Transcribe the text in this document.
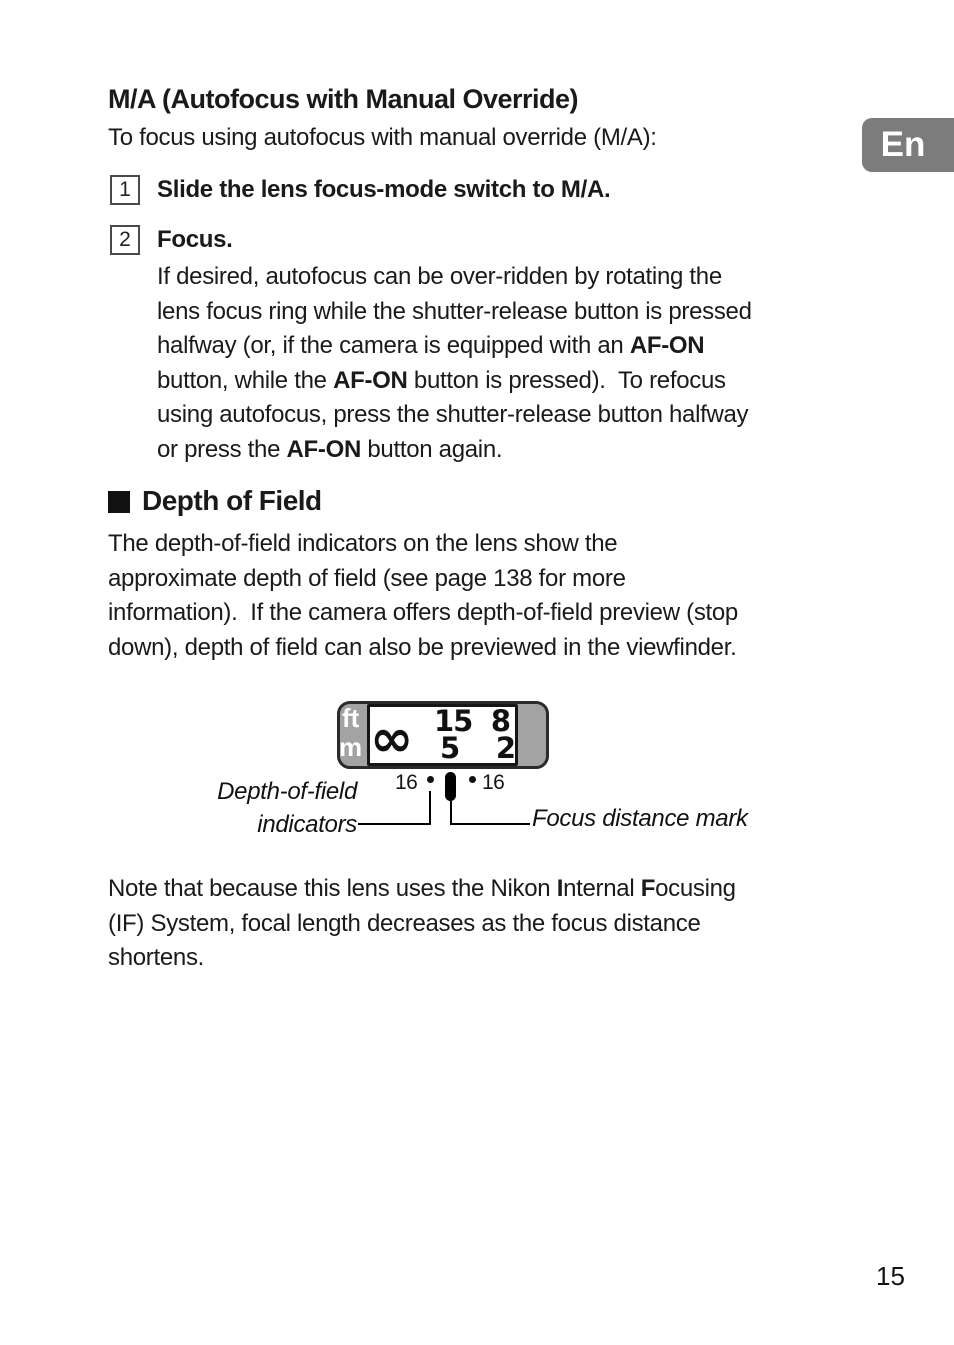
M/A (Autofocus with Manual Override)
To focus using autofocus with manual override (M/A):
1	Slide the lens focus-mode switch to M/A.
2	Focus.
If desired, autofocus can be over-ridden by rotating the
lens focus ring while the shutter-release button is pressed
halfway (or, if the camera is equipped with an AF-ON
button, while the AF-ON button is pressed).  To refocus
using autofocus, press the shutter-release button halfway
or press the AF-ON button again.
Depth of Field
The depth-of-field indicators on the lens show the
approximate depth of field (see page 138 for more
information).  If the camera offers depth-of-field preview (stop
down), depth of field can also be previewed in the viewfinder.
ft
m ∞ 15 8
5 2
16	16
Depth-of-field
indicators	Focus distance mark
Note that because this lens uses the Nikon Internal Focusing
(IF) System, focal length decreases as the focus distance
shortens.
En
15
